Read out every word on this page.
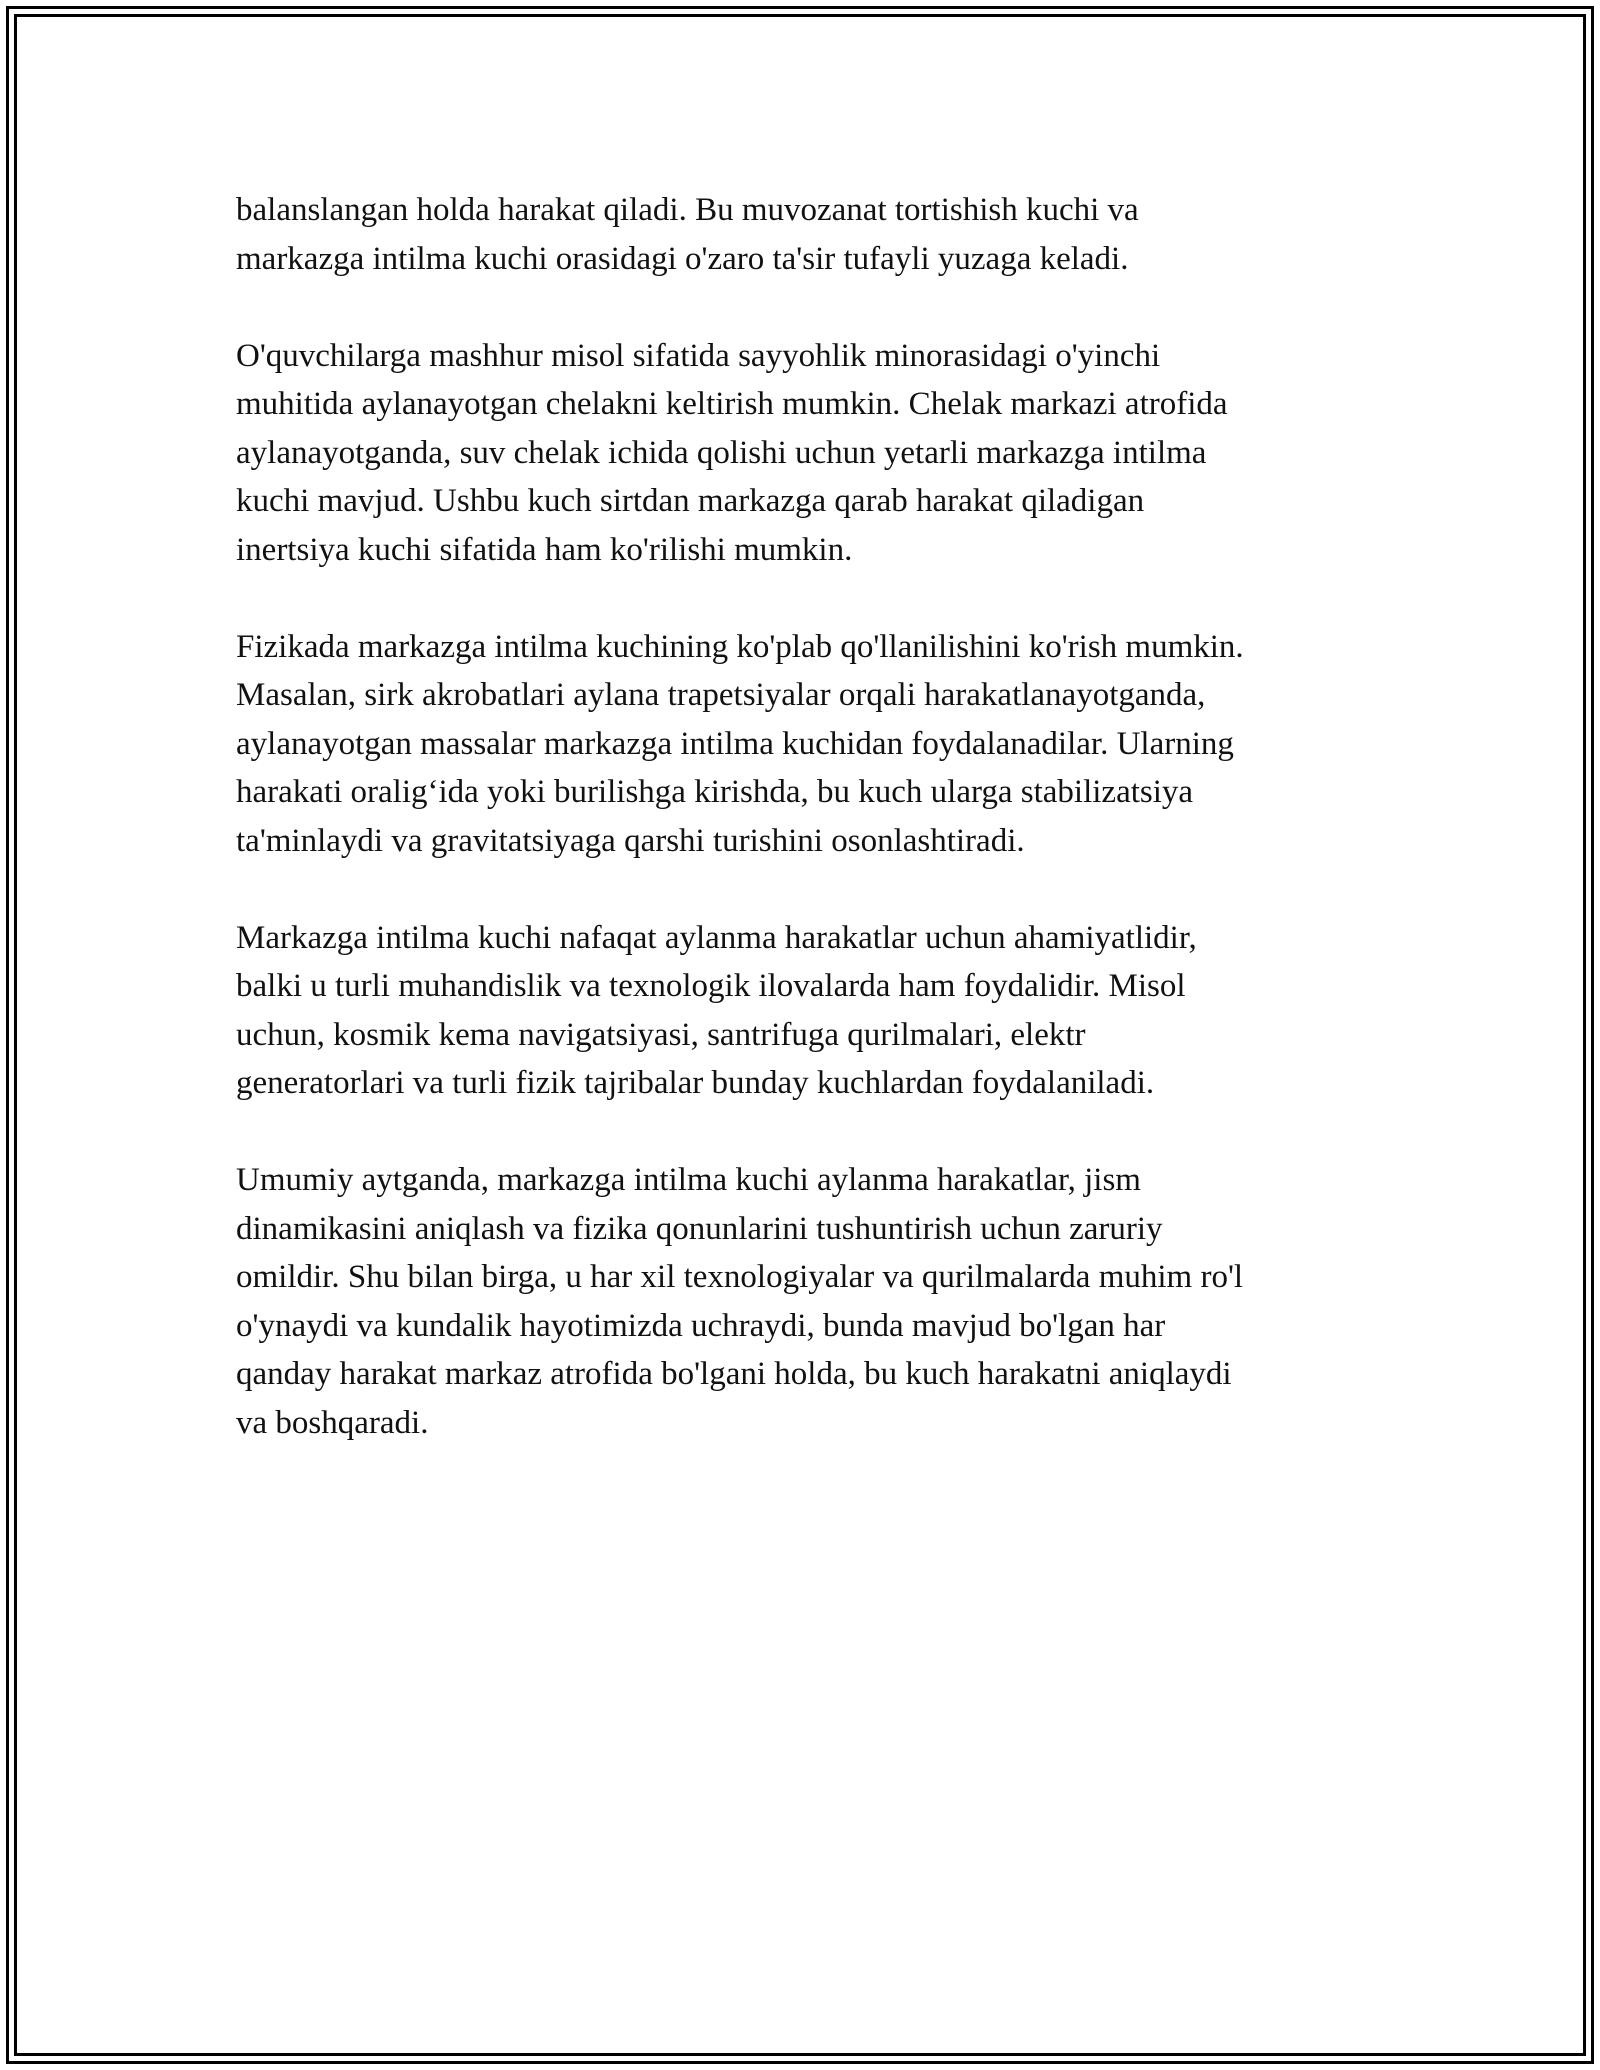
balanslangan holda harakat qiladi. Bu muvozanat tortishish kuchi va
markazga intilma kuchi orasidagi o'zaro ta'sir tufayli yuzaga keladi.

O'quvchilarga mashhur misol sifatida sayyohlik minorasidagi o'yinchi
muhitida aylanayotgan chelakni keltirish mumkin. Chelak markazi atrofida
aylanayotganda, suv chelak ichida qolishi uchun yetarli markazga intilma
kuchi mavjud. Ushbu kuch sirtdan markazga qarab harakat qiladigan
inertsiya kuchi sifatida ham ko'rilishi mumkin.

Fizikada markazga intilma kuchining ko'plab qo'llanilishini ko'rish mumkin.
Masalan, sirk akrobatlari aylana trapetsiyalar orqali harakatlanayotganda,
aylanayotgan massalar markazga intilma kuchidan foydalanadilar. Ularning
harakati oralig‘ida yoki burilishga kirishda, bu kuch ularga stabilizatsiya
ta'minlaydi va gravitatsiyaga qarshi turishini osonlashtiradi.

Markazga intilma kuchi nafaqat aylanma harakatlar uchun ahamiyatlidir,
balki u turli muhandislik va texnologik ilovalarda ham foydalidir. Misol
uchun, kosmik kema navigatsiyasi, santrifuga qurilmalari, elektr
generatorlari va turli fizik tajribalar bunday kuchlardan foydalaniladi.

Umumiy aytganda, markazga intilma kuchi aylanma harakatlar, jism
dinamikasini aniqlash va fizika qonunlarini tushuntirish uchun zaruriy
omildir. Shu bilan birga, u har xil texnologiyalar va qurilmalarda muhim ro'l
o'ynaydi va kundalik hayotimizda uchraydi, bunda mavjud bo'lgan har
qanday harakat markaz atrofida bo'lgani holda, bu kuch harakatni aniqlaydi
va boshqaradi.
